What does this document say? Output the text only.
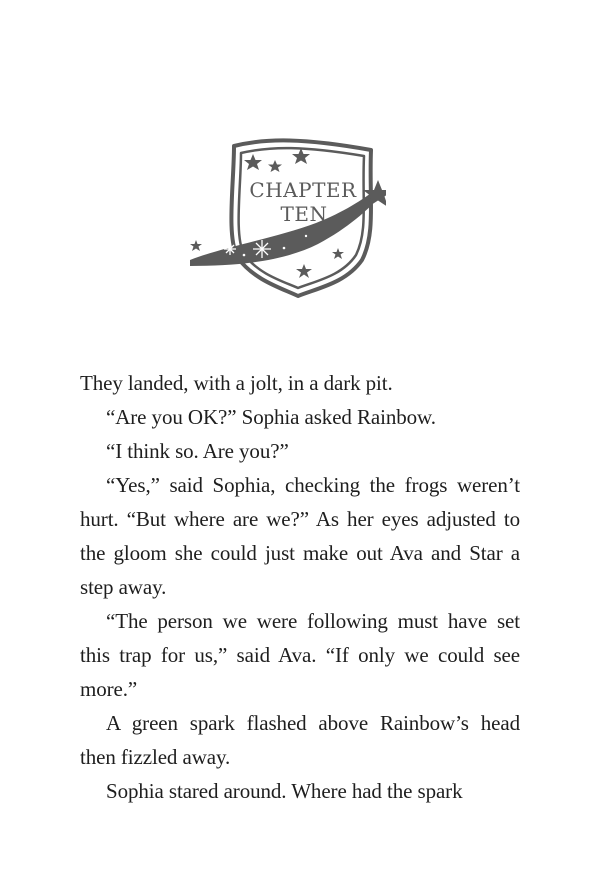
CHAPTER
TEN

They landed, with a jolt, in a dark pit.

“Are you OK?” Sophia asked Rainbow.

“I think so. Are you?”

“Yes,” said Sophia, checking the frogs weren’t hurt. “But where are we?” As her eyes adjusted to the gloom she could just make out Ava and Star a step away.

“The person we were following must have set this trap for us,” said Ava. “If only we could see more.”

A green spark flashed above Rainbow’s head then fizzled away.

Sophia stared around. Where had the spark
